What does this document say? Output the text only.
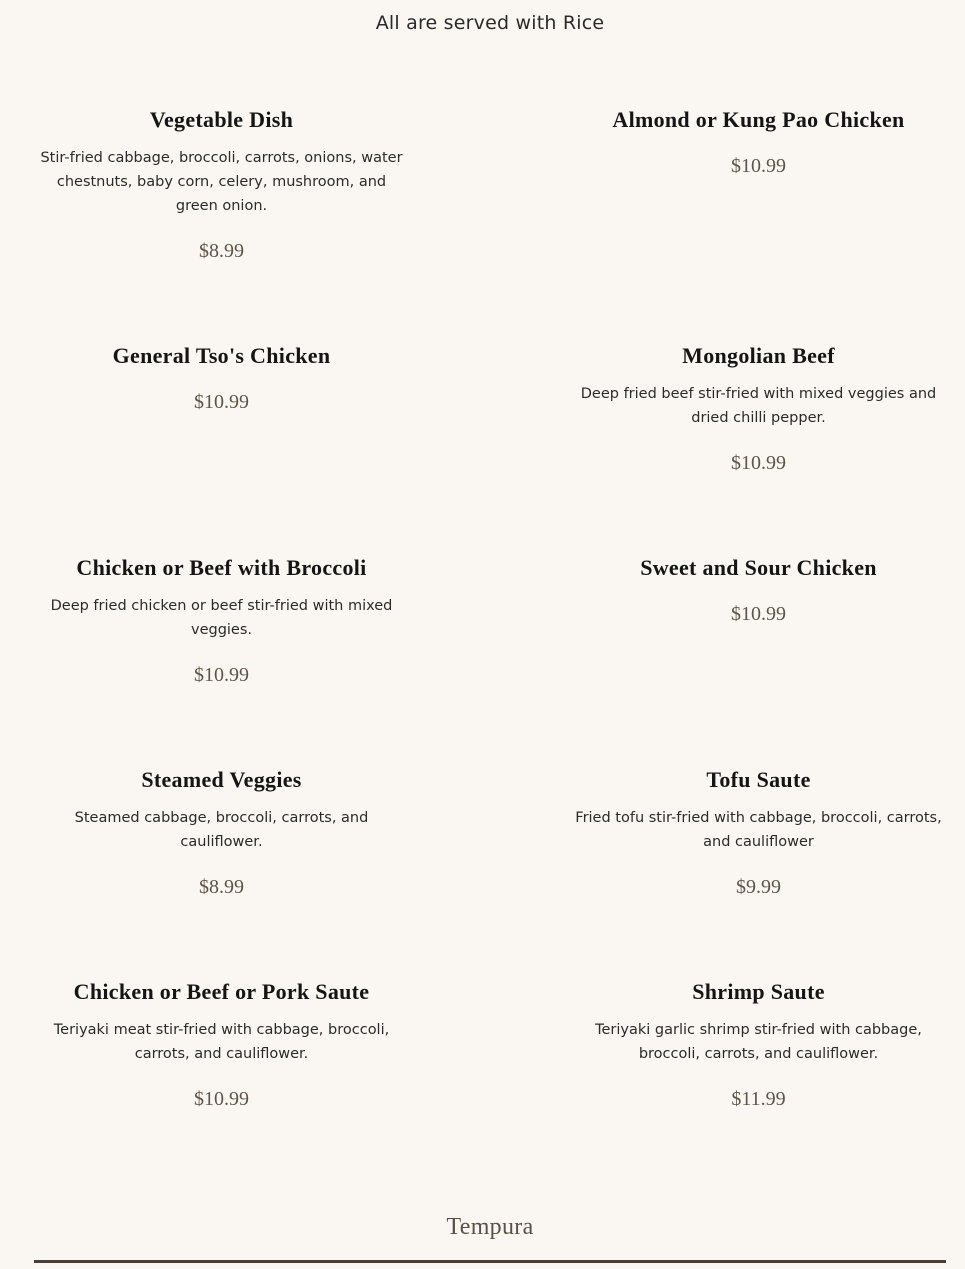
All are served with Rice
Vegetable Dish

Stir-fried cabbage, broccoli, carrots, onions, water chestnuts, baby corn, celery, mushroom, and green onion.

$8.99
Almond or Kung Pao Chicken
$10.99
General Tso's Chicken
$10.99
Mongolian Beef

Deep fried beef stir-fried with mixed veggies and dried chilli pepper.

$10.99
Chicken or Beef with Broccoli

Deep fried chicken or beef stir-fried with mixed veggies.

$10.99
Sweet and Sour Chicken
$10.99
Steamed Veggies

Steamed cabbage, broccoli, carrots, and cauliflower.

$8.99
Tofu Saute

Fried tofu stir-fried with cabbage, broccoli, carrots, and cauliflower

$9.99
Chicken or Beef or Pork Saute

Teriyaki meat stir-fried with cabbage, broccoli, carrots, and cauliflower.

$10.99
Shrimp Saute

Teriyaki garlic shrimp stir-fried with cabbage, broccoli, carrots, and cauliflower.

$11.99
Tempura
